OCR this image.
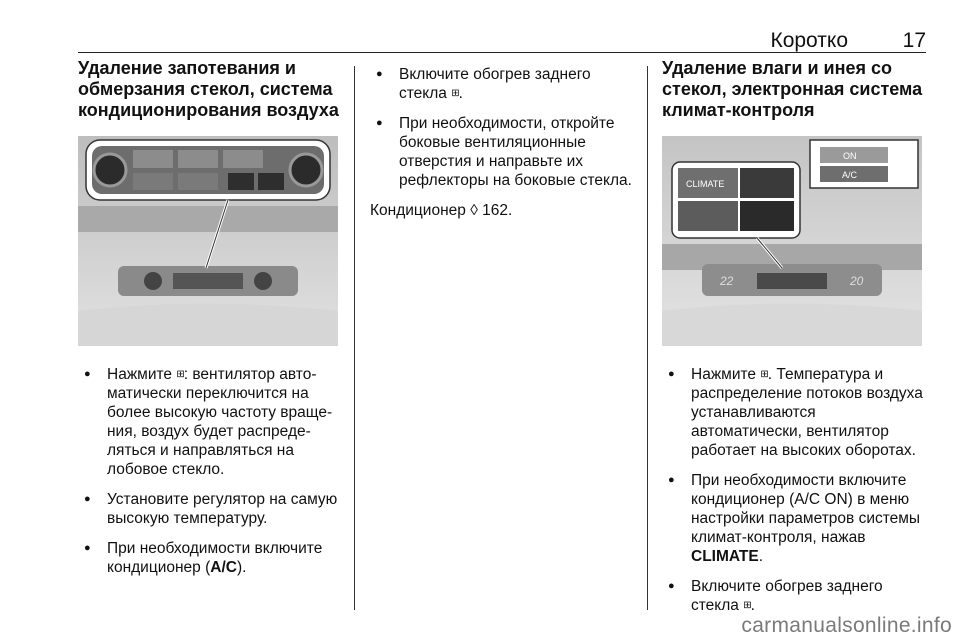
Коротко	17
Удаление запотевания и
обмерзания стекол, система
кондиционирования воздуха
● Нажмите ⊞: вентилятор авто-матически переключится на более высокую частоту враще-ния, воздух будет распреде-ляться и направляться на лобовое стекло.
● Установите регулятор на самую высокую температуру.
● При необходимости включите кондиционер (A/C).
● Включите обогрев заднего стекла ⊞.
● При необходимости, откройте боковые вентиляционные отверстия и направьте их рефлекторы на боковые стекла.

Кондиционер ◊ 162.

Удаление влаги и инея со
стекол, электронная система
климат-контроля
22	20
ON
A/C
CLIMATE
● Нажмите ⊞. Температура и распределение потоков воздуха устанавливаются автоматически, вентилятор работает на высоких оборотах.
● При необходимости включите кондиционер (A/C ON) в меню настройки параметров системы климат-контроля, нажав CLIMATE.
● Включите обогрев заднего стекла ⊞.
carmanualsonline.info
